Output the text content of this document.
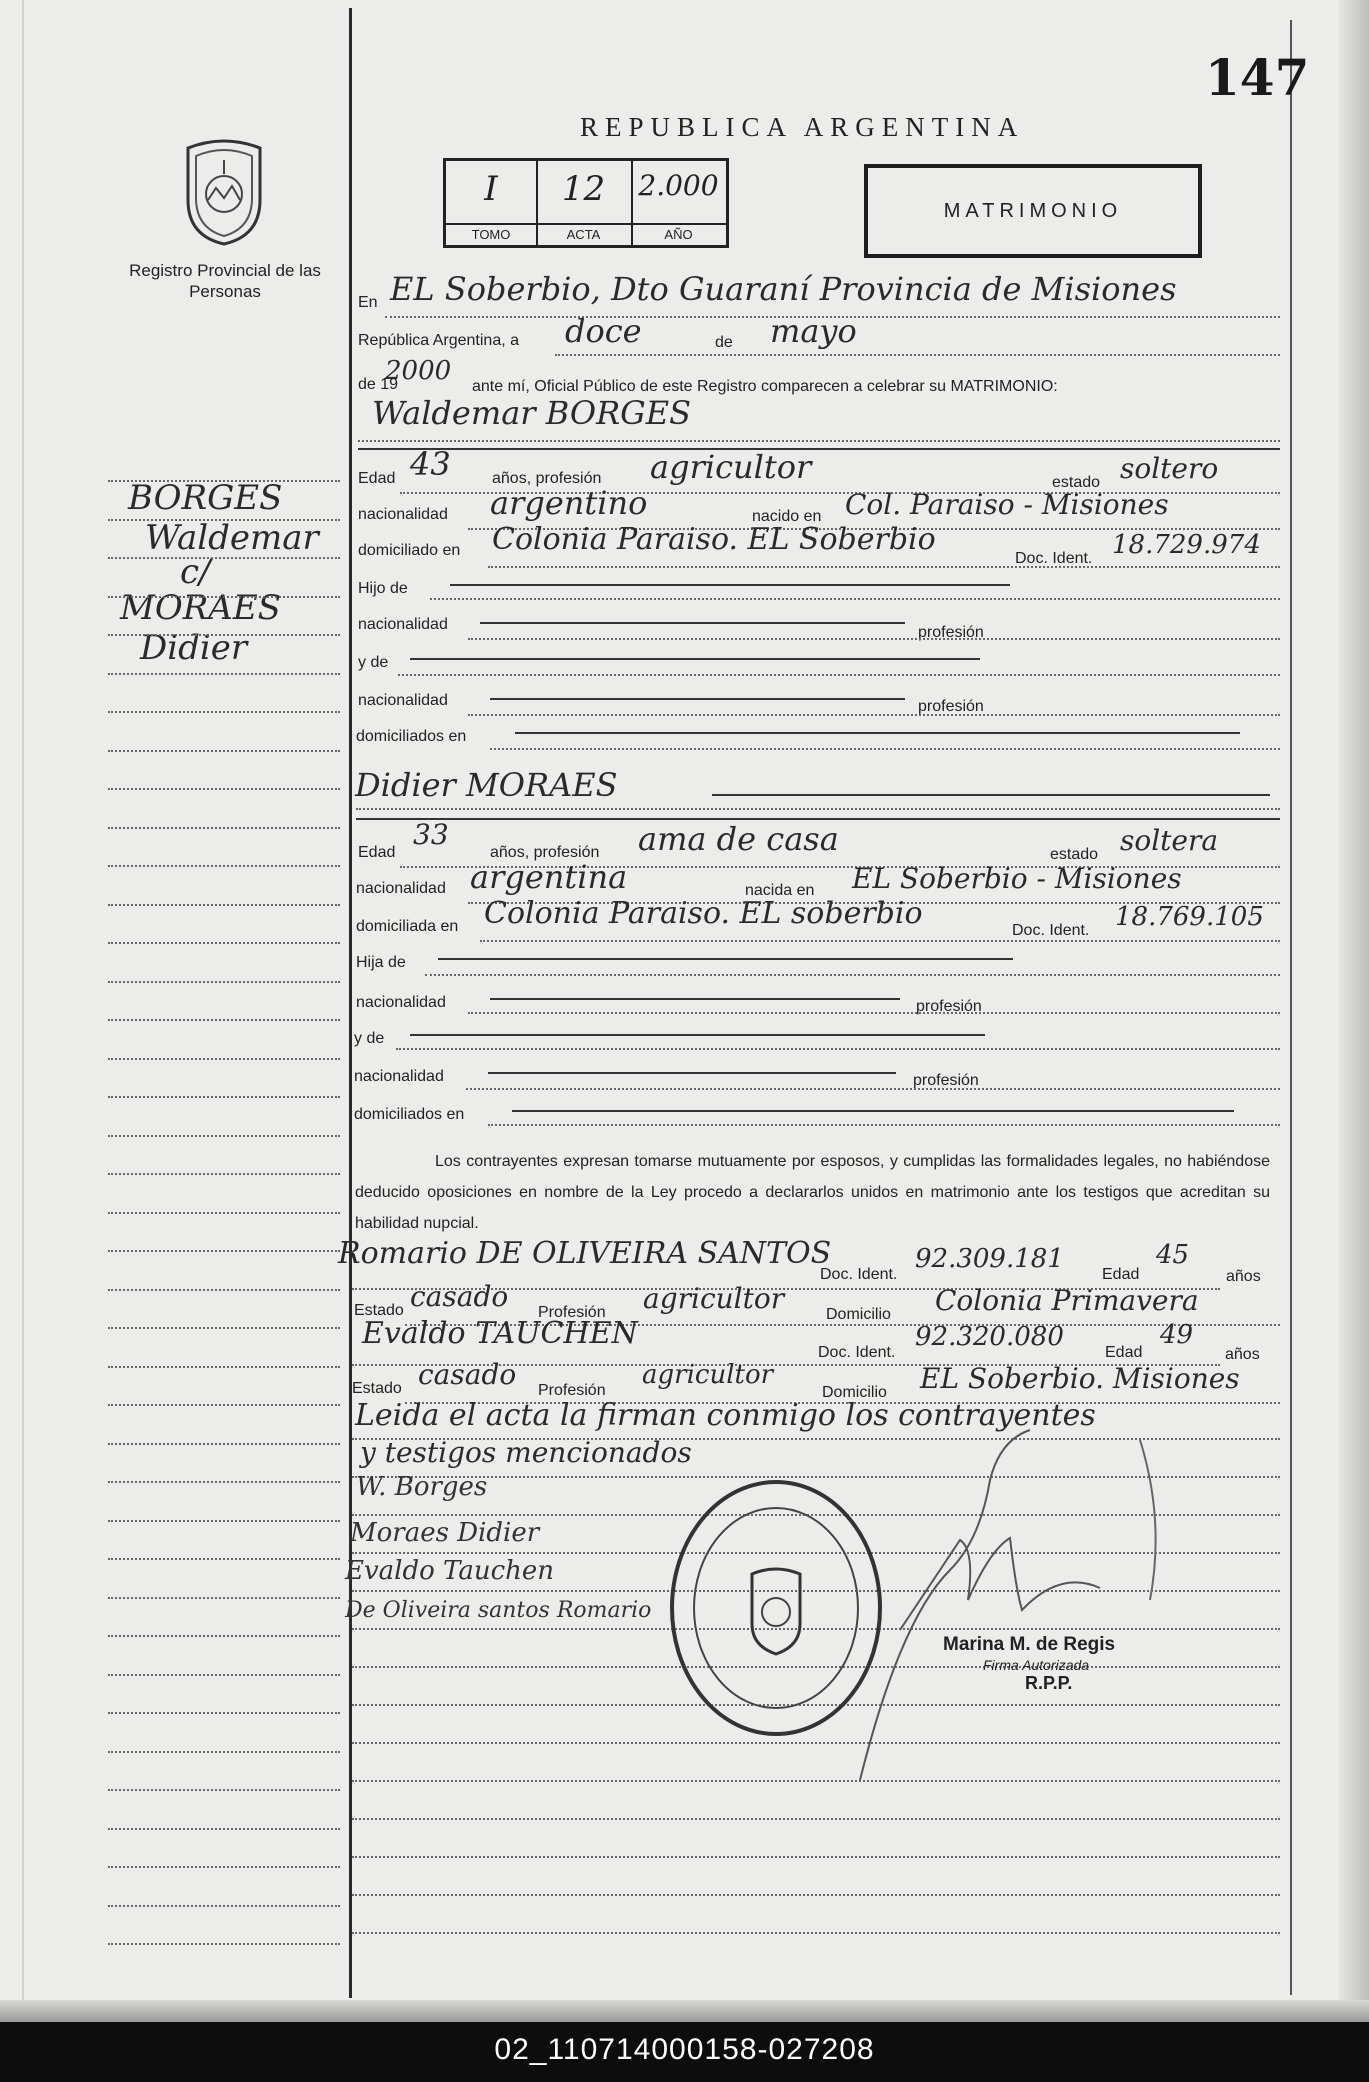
147
REPUBLICA ARGENTINA
Registro Provincial de las Personas
I
TOMO
12
ACTA
2.000
AÑO
MATRIMONIO
BORGES
Waldemar
c/
MORAES
Didier
En EL Soberbio, Dto Guaraní Provincia de Misiones
República Argentina, a doce	de mayo
de 19
2000
ante mí, Oficial Público de este Registro comparecen a celebrar su MATRIMONIO:
Waldemar BORGES
Edad 43	años, profesión agricultor	estado soltero
nacionalidad argentino	nacido en Col. Paraiso - Misiones
domiciliado en Colonia Paraiso. EL Soberbio
Doc. Ident. 18.729.974
Hijo de
nacionalidad	profesión
y de
nacionalidad	profesión
domiciliados en
Didier MORAES
Edad
33
años, profesión ama de casa	estado soltera
nacionalidad argentina	nacida en EL Soberbio - Misiones
domiciliada en Colonia Paraiso. EL soberbio	Doc. Ident. 18.769.105
Hija de
nacionalidad	profesión
y de
nacionalidad	profesión
domiciliados en
Los contrayentes expresan tomarse mutuamente por esposos, y cumplidas las formalidades legales, no habiéndose deducido oposiciones en nombre de la Ley procedo a declararlos unidos en matrimonio ante los testigos que acreditan su habilidad nupcial.
Romario DE OLIVEIRA SANTOS
Doc. Ident.
92.309.181
Edad
45
años
Estado casado Profesión agricultor	Domicilio Colonia Primavera
Evaldo TAUCHEN
Doc. Ident.
92.320.080
Edad
49
años
Estado casado Profesión
agricultor
Domicilio EL Soberbio. Misiones
Leida el acta la firman conmigo los contrayentes
y testigos mencionados
W. Borges
Moraes Didier
Evaldo Tauchen
De Oliveira santos Romario
Marina M. de Regis
Firma Autorizada
R.P.P.
02_110714000158-027208
